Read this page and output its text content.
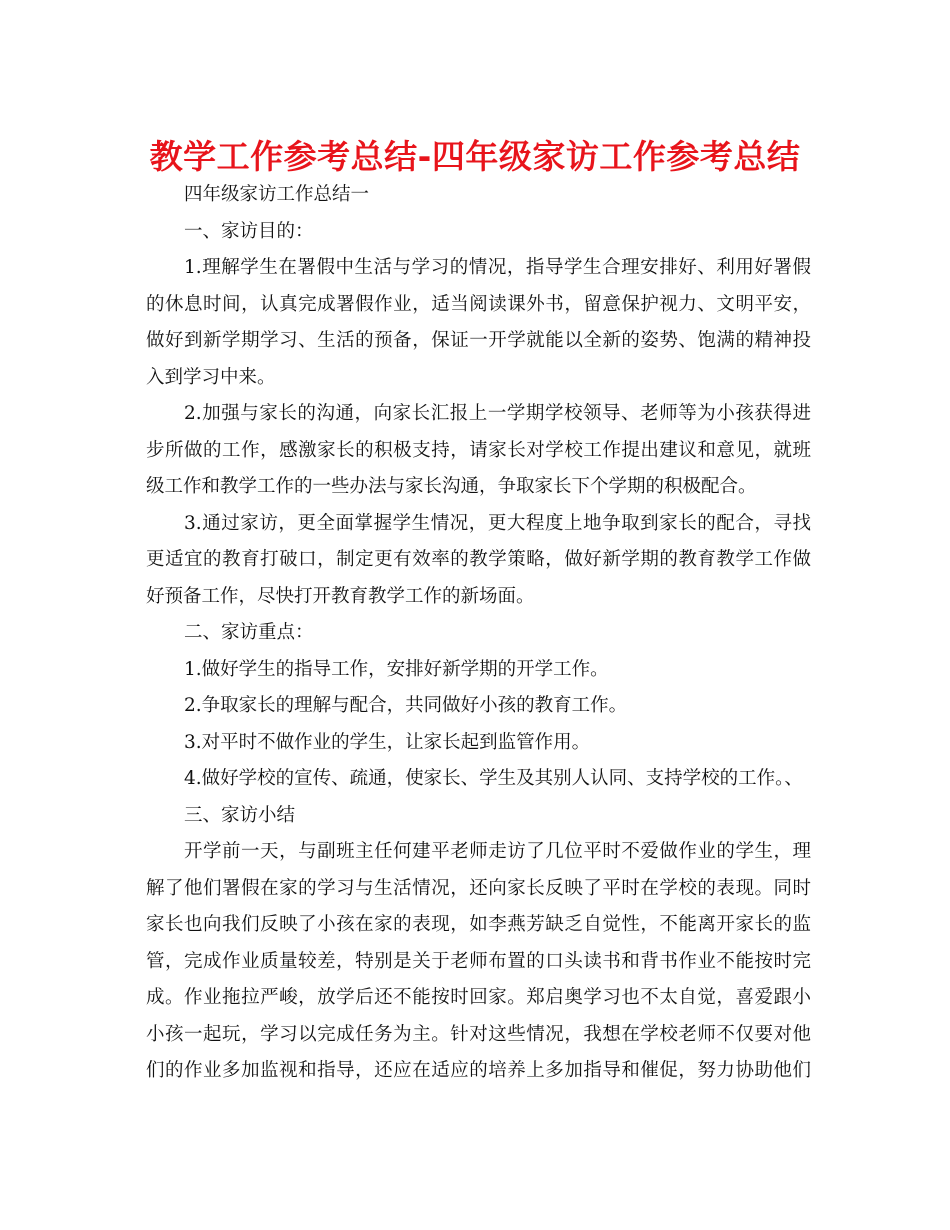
教学工作参考总结-四年级家访工作参考总结
四年级家访工作总结一
一、家访目的：
1.理解学生在署假中生活与学习的情况，指导学生合理安排好、利用好署假
的休息时间，认真完成署假作业，适当阅读课外书，留意保护视力、文明平安，
做好到新学期学习、生活的预备，保证一开学就能以全新的姿势、饱满的精神投
入到学习中来。
2.加强与家长的沟通，向家长汇报上一学期学校领导、老师等为小孩获得进
步所做的工作，感激家长的积极支持，请家长对学校工作提出建议和意见，就班
级工作和教学工作的一些办法与家长沟通，争取家长下个学期的积极配合。
3.通过家访，更全面掌握学生情况，更大程度上地争取到家长的配合，寻找
更适宜的教育打破口，制定更有效率的教学策略，做好新学期的教育教学工作做
好预备工作，尽快打开教育教学工作的新场面。
二、家访重点：
1.做好学生的指导工作，安排好新学期的开学工作。
2.争取家长的理解与配合，共同做好小孩的教育工作。
3.对平时不做作业的学生，让家长起到监管作用。
4.做好学校的宣传、疏通，使家长、学生及其别人认同、支持学校的工作。、
三、家访小结
开学前一天，与副班主任何建平老师走访了几位平时不爱做作业的学生，理
解了他们署假在家的学习与生活情况，还向家长反映了平时在学校的表现。同时
家长也向我们反映了小孩在家的表现，如李燕芳缺乏自觉性，不能离开家长的监
管，完成作业质量较差，特别是关于老师布置的口头读书和背书作业不能按时完
成。作业拖拉严峻，放学后还不能按时回家。郑启奥学习也不太自觉，喜爱跟小
小孩一起玩，学习以完成任务为主。针对这些情况，我想在学校老师不仅要对他
们的作业多加监视和指导，还应在适应的培养上多加指导和催促，努力协助他们
